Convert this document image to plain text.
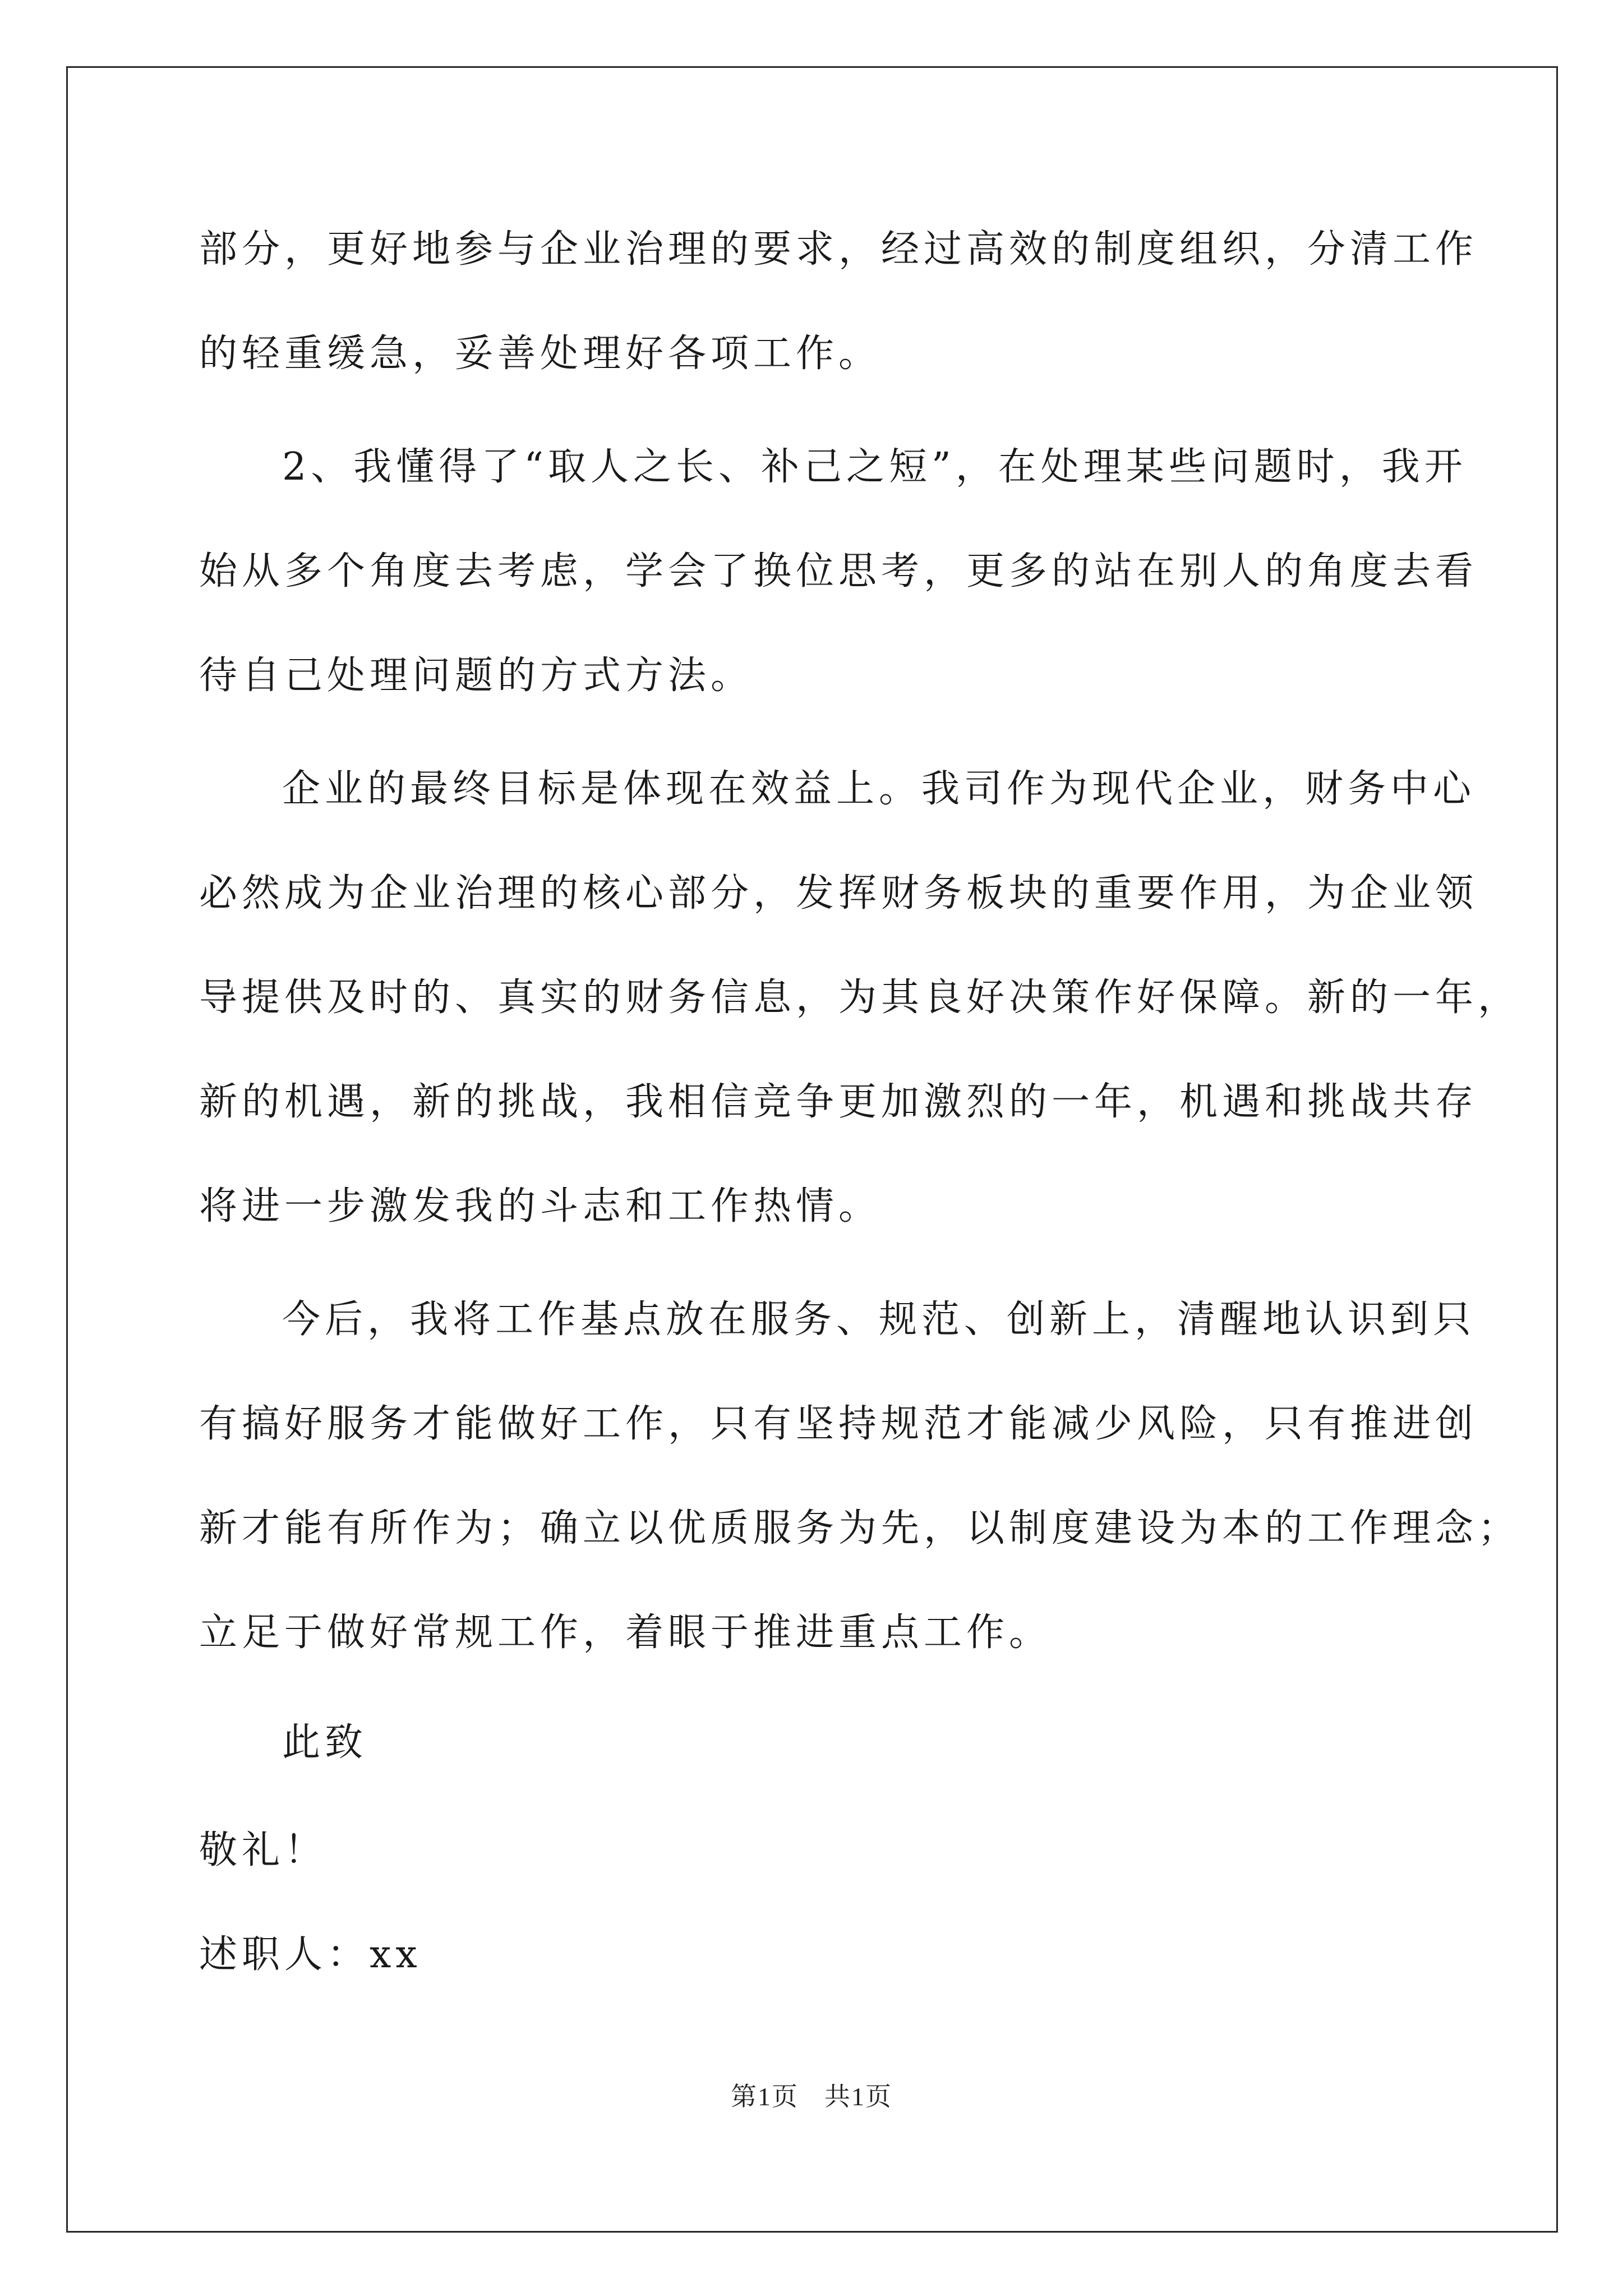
部分，更好地参与企业治理的要求，经过高效的制度组织，分清工作
的轻重缓急，妥善处理好各项工作。
2、我懂得了“取人之长、补己之短”，在处理某些问题时，我开
始从多个角度去考虑，学会了换位思考，更多的站在别人的角度去看
待自己处理问题的方式方法。
企业的最终目标是体现在效益上。我司作为现代企业，财务中心
必然成为企业治理的核心部分，发挥财务板块的重要作用，为企业领
导提供及时的、真实的财务信息，为其良好决策作好保障。新的一年，
新的机遇，新的挑战，我相信竞争更加激烈的一年，机遇和挑战共存
将进一步激发我的斗志和工作热情。
今后，我将工作基点放在服务、规范、创新上，清醒地认识到只
有搞好服务才能做好工作，只有坚持规范才能减少风险，只有推进创
新才能有所作为；确立以优质服务为先，以制度建设为本的工作理念；
立足于做好常规工作，着眼于推进重点工作。
此致
敬礼！
述职人：xx
第1页 共1页
